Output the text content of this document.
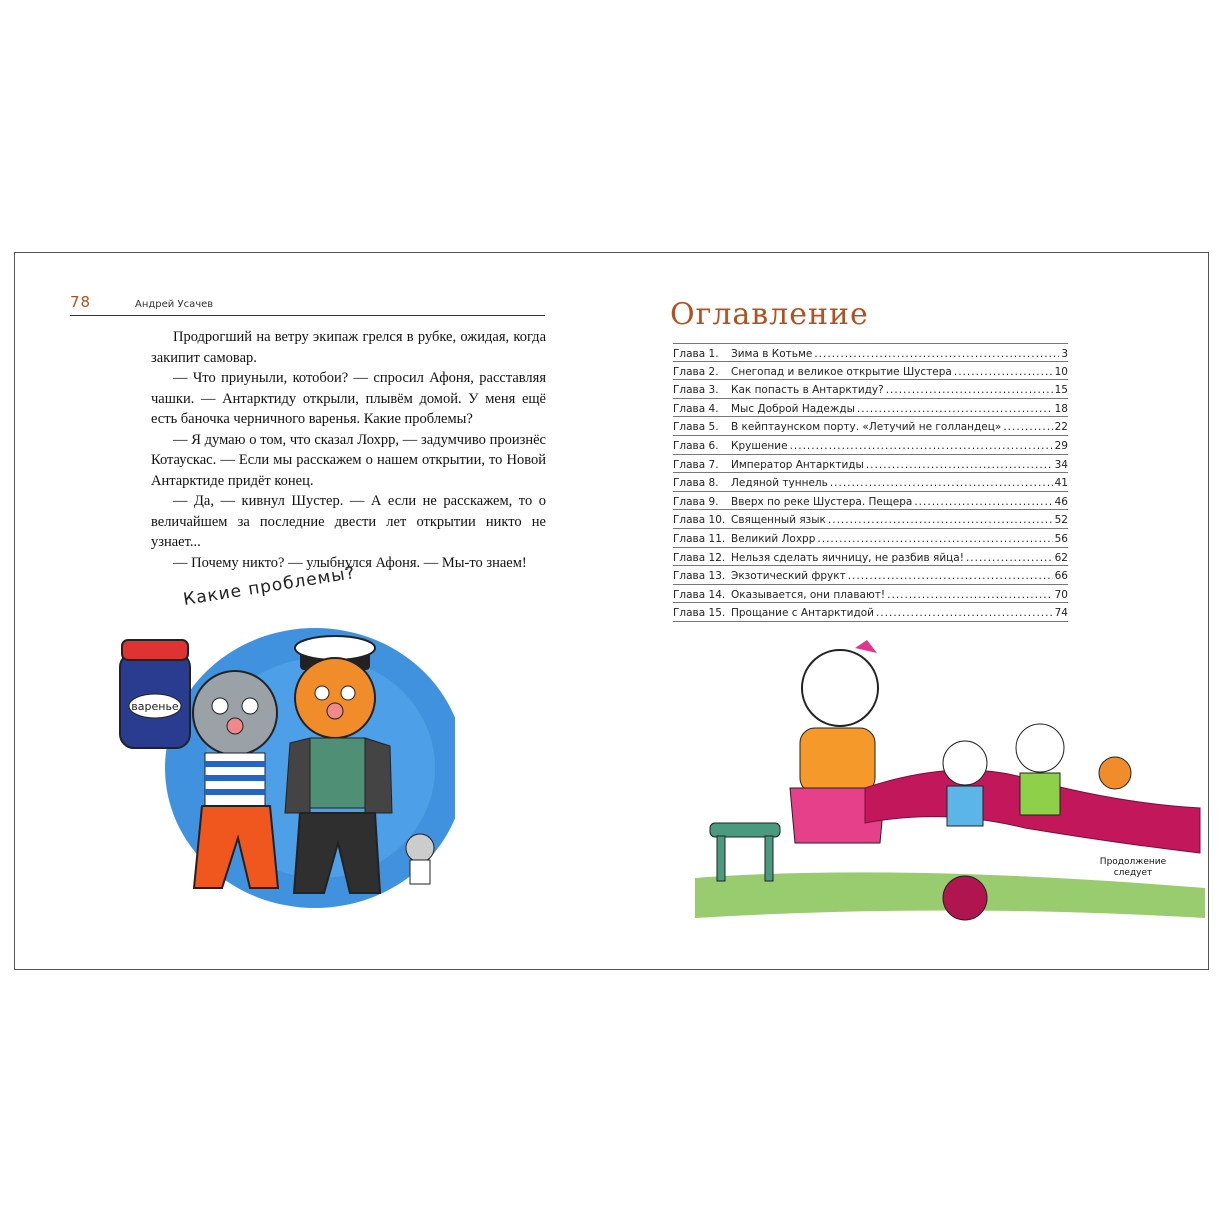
78	Андрей Усачев

Продрогший на ветру экипаж грелся в рубке, ожидая, когда закипит самовар.

— Что приуныли, котобои? — спросил Афоня, расставляя чашки. — Антарктиду открыли, плывём домой. У меня ещё есть баночка черничного варенья. Какие проблемы?

— Я думаю о том, что сказал Лохрр, — задумчиво произнёс Котаускас. — Если мы расскажем о нашем открытии, то Новой Антарктиде придёт конец.

— Да, — кивнул Шустер. — А если не расскажем, то о величайшем за последние двести лет открытии никто не узнает...

— Почему никто? — улыбнулся Афоня. — Мы-то знаем!

Какие проблемы?
варенье
Оглавление
Глава 1.	Зима в Котьме .....	3
Глава 2.	Снегопад и великое открытие Шустера .....	10
Глава 3.	Как попасть в Антарктиду? .....	15
Глава 4.	Мыс Доброй Надежды .....	18
Глава 5.	В кейптаунском порту. «Летучий не голландец» .....	22
Глава 6.	Крушение .....	29
Глава 7.	Император Антарктиды .....	34
Глава 8.	Ледяной туннель .....	41
Глава 9.	Вверх по реке Шустера. Пещера .....	46
Глава 10. Священный язык .....	52
Глава 11. Великий Лохрр .....	56
Глава 12. Нельзя сделать яичницу, не разбив яйца! .....	62
Глава 13. Экзотический фрукт .....	66
Глава 14. Оказывается, они плавают! .....	70
Глава 15. Прощание с Антарктидой .....	74
Продолжение
следует
